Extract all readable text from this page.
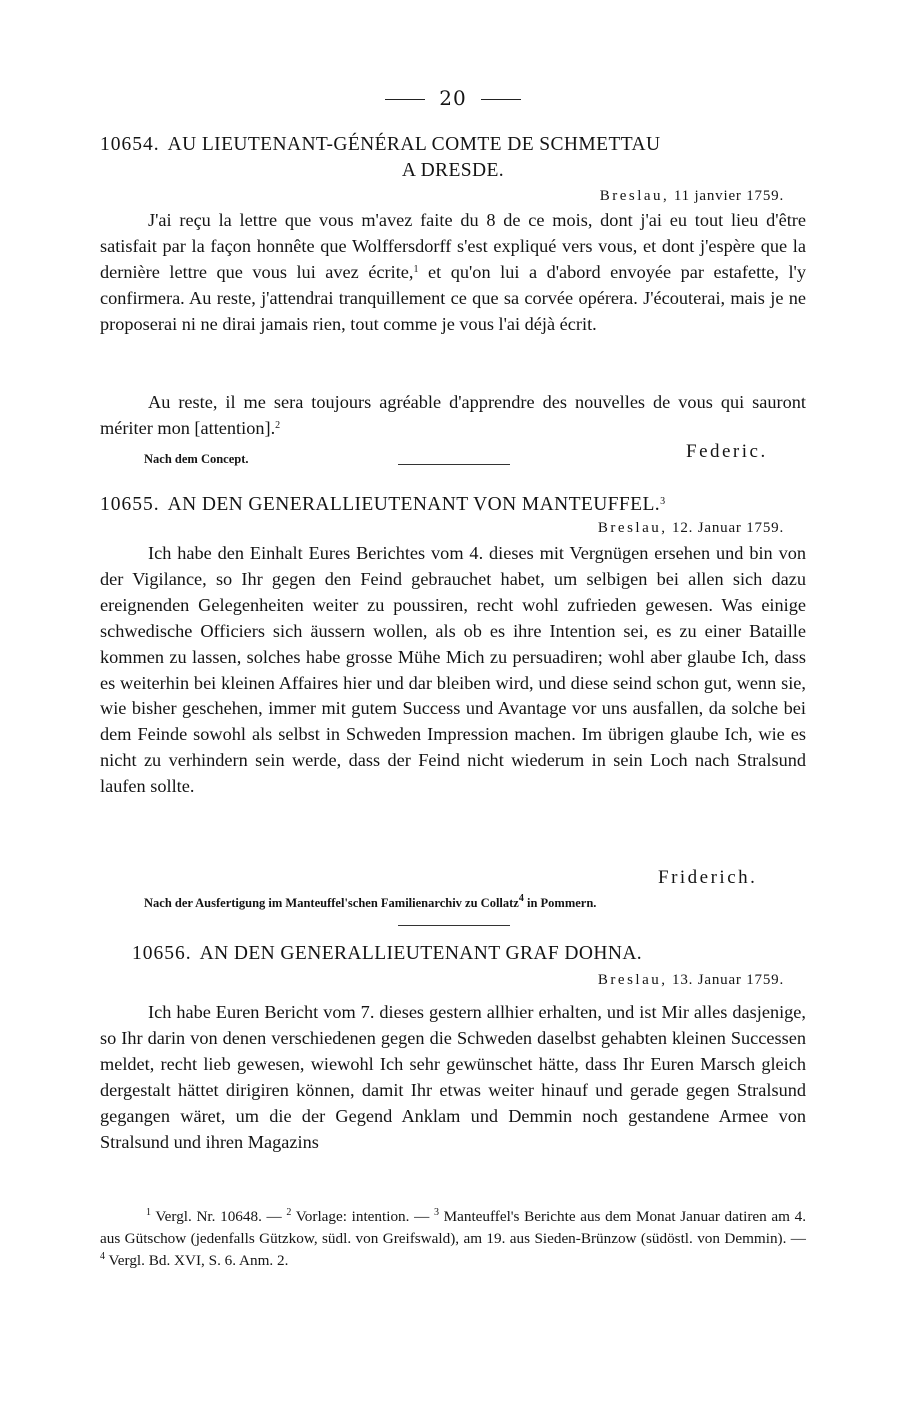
20
10654. AU LIEUTENANT-GÉNÉRAL COMTE DE SCHMETTAU
A DRESDE.
Breslau, 11 janvier 1759.

J'ai reçu la lettre que vous m'avez faite du 8 de ce mois, dont j'ai eu tout lieu d'être satisfait par la façon honnête que Wolffersdorff s'est expliqué vers vous, et dont j'espère que la dernière lettre que vous lui avez écrite,$^1$ et qu'on lui a d'abord envoyée par estafette, l'y confirmera. Au reste, j'attendrai tranquillement ce que sa corvée opérera. J'écouterai, mais je ne proposerai ni ne dirai jamais rien, tout comme je vous l'ai déjà écrit.

Au reste, il me sera toujours agréable d'apprendre des nouvelles de vous qui sauront mériter mon [attention].$^2$

Nach dem Concept.	Federic.
10655. AN DEN GENERALLIEUTENANT VON MANTEUFFEL.$^3$
Breslau, 12. Januar 1759.

Ich habe den Einhalt Eures Berichtes vom 4. dieses mit Vergnügen ersehen und bin von der Vigilance, so Ihr gegen den Feind gebrauchet habet, um selbigen bei allen sich dazu ereignenden Gelegenheiten weiter zu poussiren, recht wohl zufrieden gewesen. Was einige schwedische Officiers sich äussern wollen, als ob es ihre Intention sei, es zu einer Bataille kommen zu lassen, solches habe grosse Mühe Mich zu persuadiren; wohl aber glaube Ich, dass es weiterhin bei kleinen Affaires hier und dar bleiben wird, und diese seind schon gut, wenn sie, wie bisher geschehen, immer mit gutem Success und Avantage vor uns ausfallen, da solche bei dem Feinde sowohl als selbst in Schweden Impression machen. Im übrigen glaube Ich, wie es nicht zu verhindern sein werde, dass der Feind nicht wiederum in sein Loch nach Stralsund laufen sollte.

Friderich.
Nach der Ausfertigung im Manteuffel'schen Familienarchiv zu Collatz$^4$ in Pommern.
10656. AN DEN GENERALLIEUTENANT GRAF DOHNA.
Breslau, 13. Januar 1759.

Ich habe Euren Bericht vom 7. dieses gestern allhier erhalten, und ist Mir alles dasjenige, so Ihr darin von denen verschiedenen gegen die Schweden daselbst gehabten kleinen Successen meldet, recht lieb gewesen, wiewohl Ich sehr gewünschet hätte, dass Ihr Euren Marsch gleich dergestalt hättet dirigiren können, damit Ihr etwas weiter hinauf und gerade gegen Stralsund gegangen wäret, um die der Gegend Anklam und Demmin noch gestandene Armee von Stralsund und ihren Magazins

$^1$ Vergl. Nr. 10648. — $^2$ Vorlage: intention. — $^3$ Manteuffel's Berichte aus dem Monat Januar datiren am 4. aus Gütschow (jedenfalls Gützkow, südl. von Greifswald), am 19. aus Sieden-Brünzow (südöstl. von Demmin). — $^4$ Vergl. Bd. XVI, S. 6. Anm. 2.
